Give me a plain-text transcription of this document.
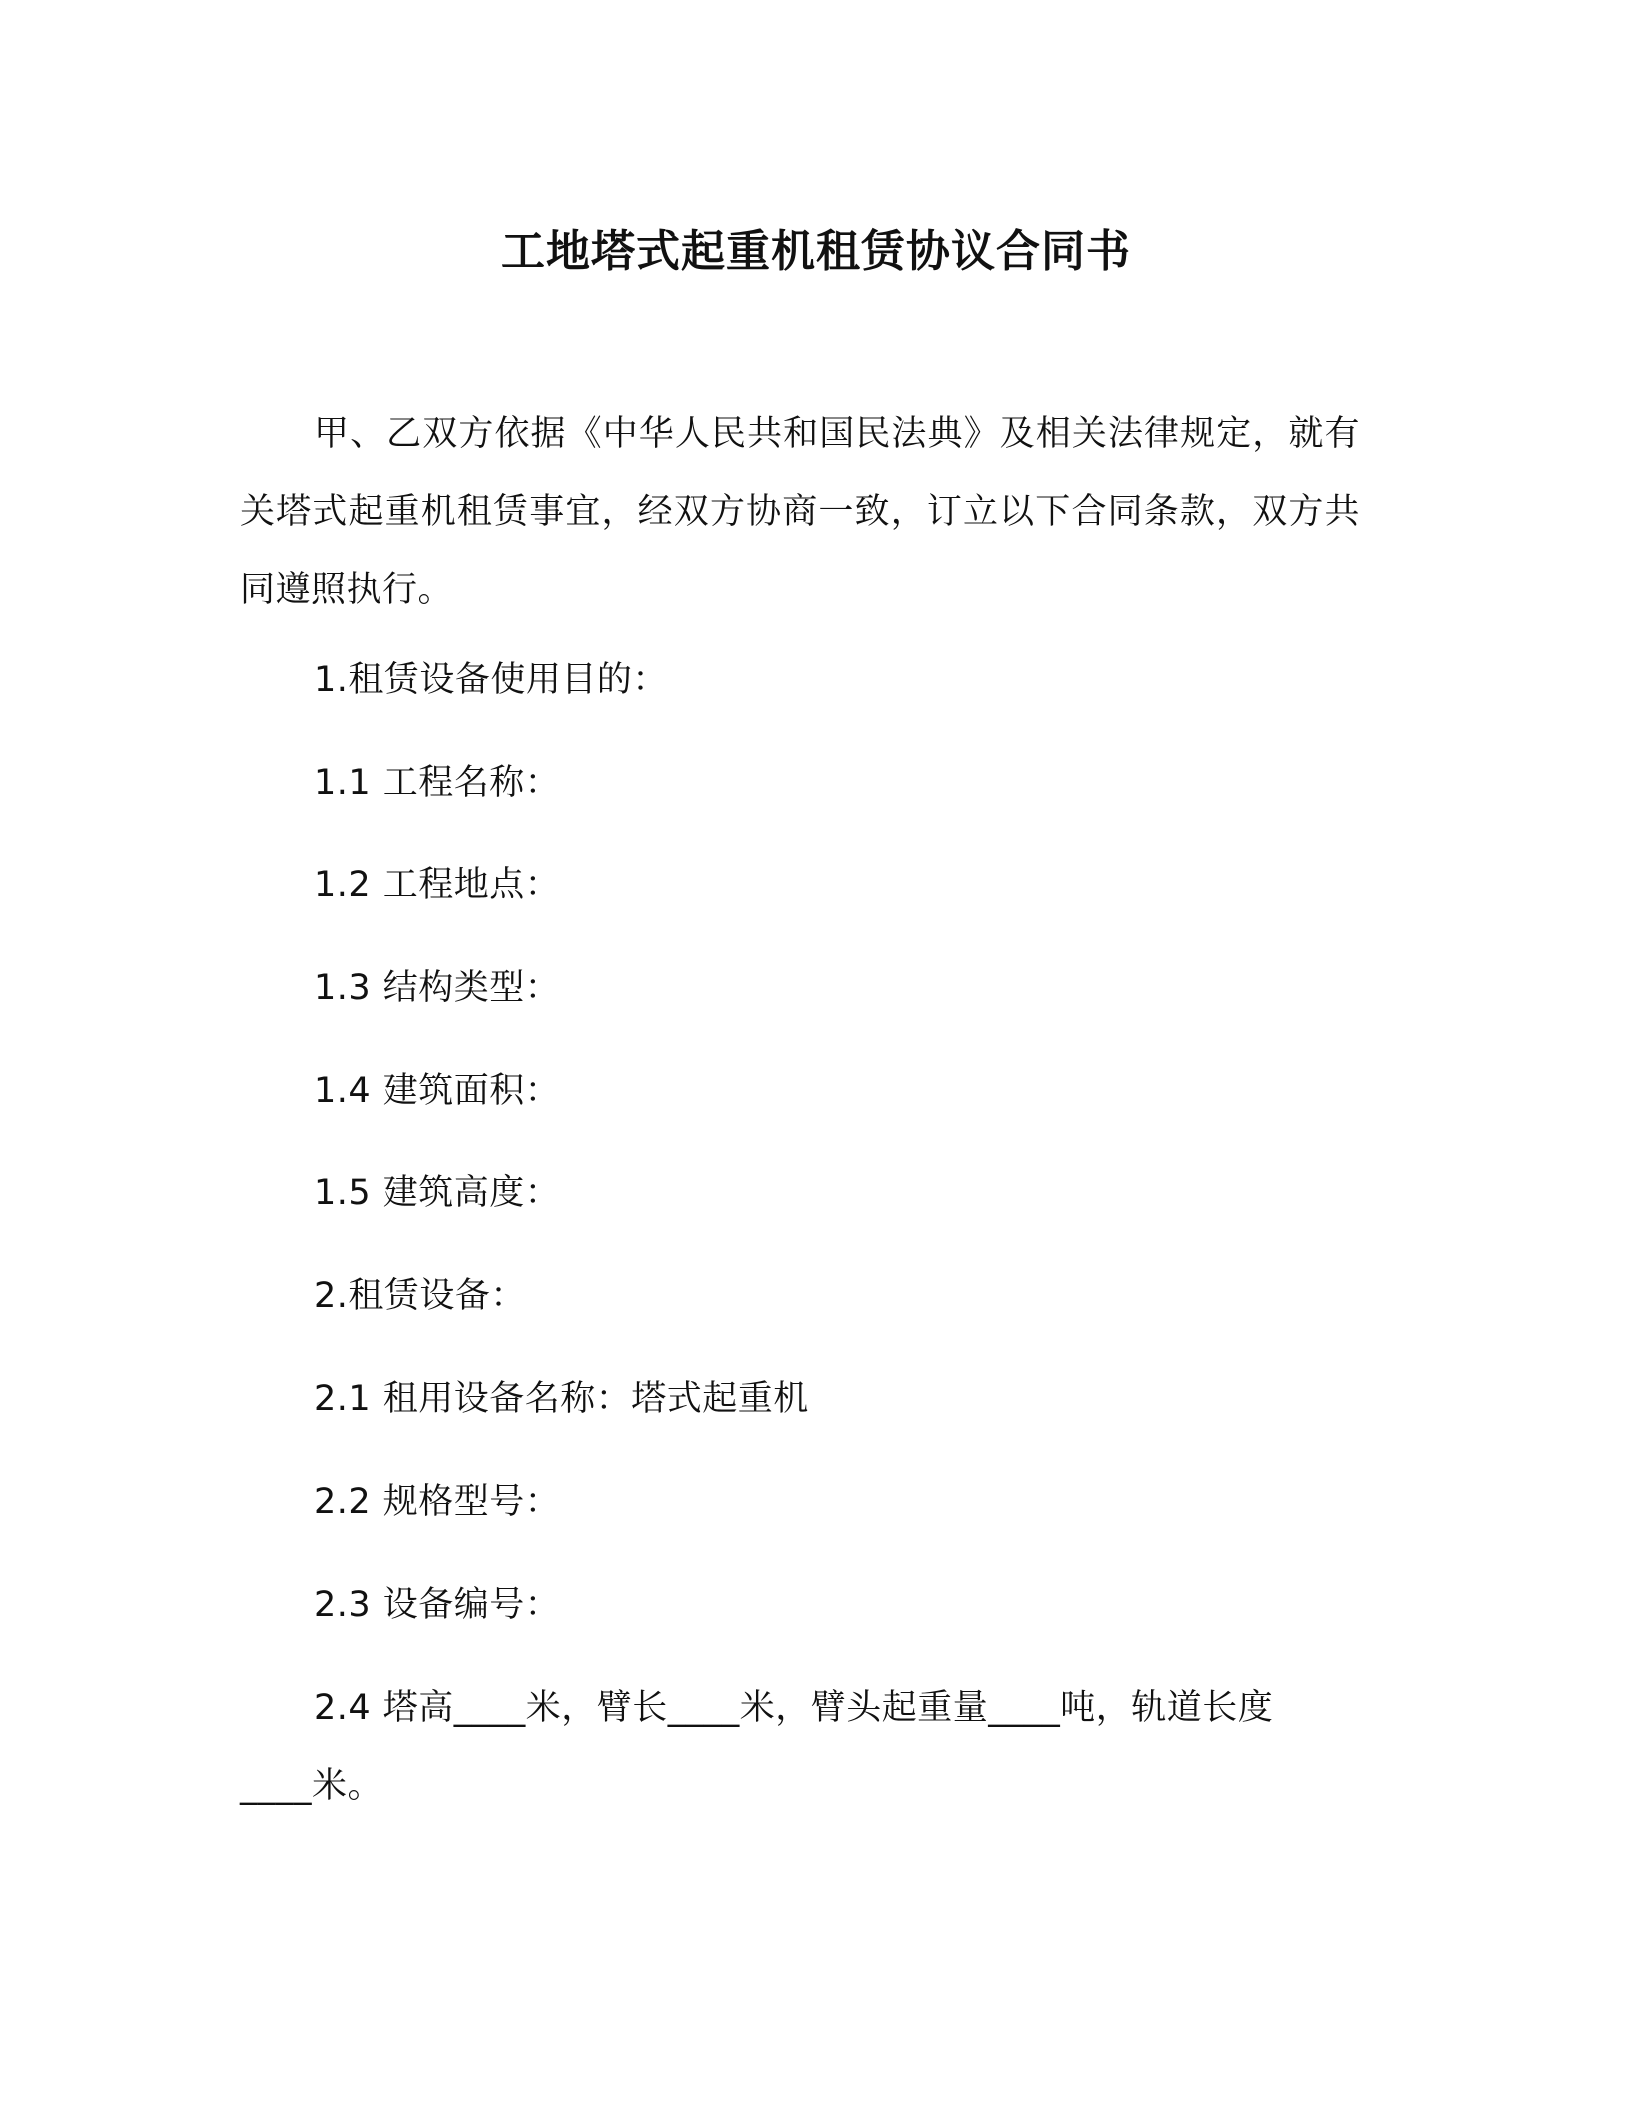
工地塔式起重机租赁协议合同书
甲、乙双方依据《中华人民共和国民法典》及相关法律规定，就有关塔式起重机租赁事宜，经双方协商一致，订立以下合同条款，双方共同遵照执行。
1.租赁设备使用目的：
1.1 工程名称：
1.2 工程地点：
1.3 结构类型：
1.4 建筑面积：
1.5 建筑高度：
2.租赁设备：
2.1 租用设备名称：塔式起重机
2.2 规格型号：
2.3 设备编号：
2.4 塔高____米，臂长____米，臂头起重量____吨，轨道长度____米。
